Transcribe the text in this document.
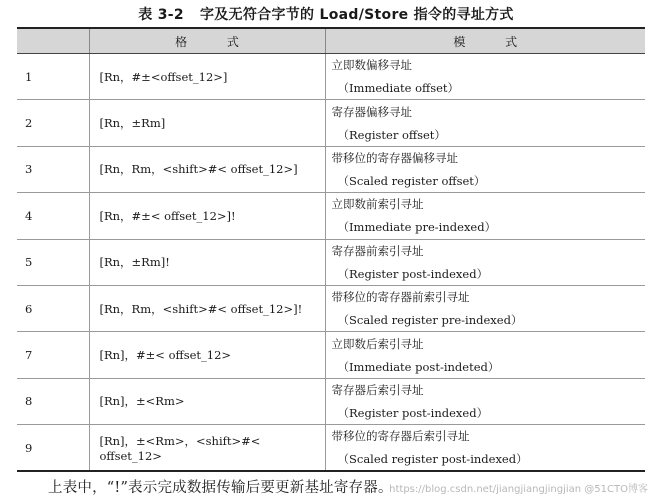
表 3-2 字及无符合字节的 Load/Store 指令的寻址方式
	格 式	模 式
1	[Rn，#±<offset_12>]	立即数偏移寻址
（Immediate offset）

2	[Rn，±Rm]	寄存器偏移寻址
（Register offset）

3	[Rn，Rm，<shift>#< offset_12>]	带移位的寄存器偏移寻址
（Scaled register offset）

4	[Rn，#±< offset_12>]!	立即数前索引寻址
（Immediate pre-indexed）

5	[Rn，±Rm]!	寄存器前索引寻址
（Register post-indexed）

6	[Rn，Rm，<shift>#< offset_12>]!	带移位的寄存器前索引寻址
（Scaled register pre-indexed）

7	[Rn]，#±< offset_12>	立即数后索引寻址
（Immediate post-indeted）

8	[Rn]，±<Rm>	寄存器后索引寻址
（Register post-indexed）

9	[Rn]，±<Rm>，<shift>#< offset_12>	带移位的寄存器后索引寻址
（Scaled register post-indexed）
上表中，“!”表示完成数据传输后要更新基址寄存器。
https://blog.csdn.net/jiangjiangjingjian @51CTO博客
